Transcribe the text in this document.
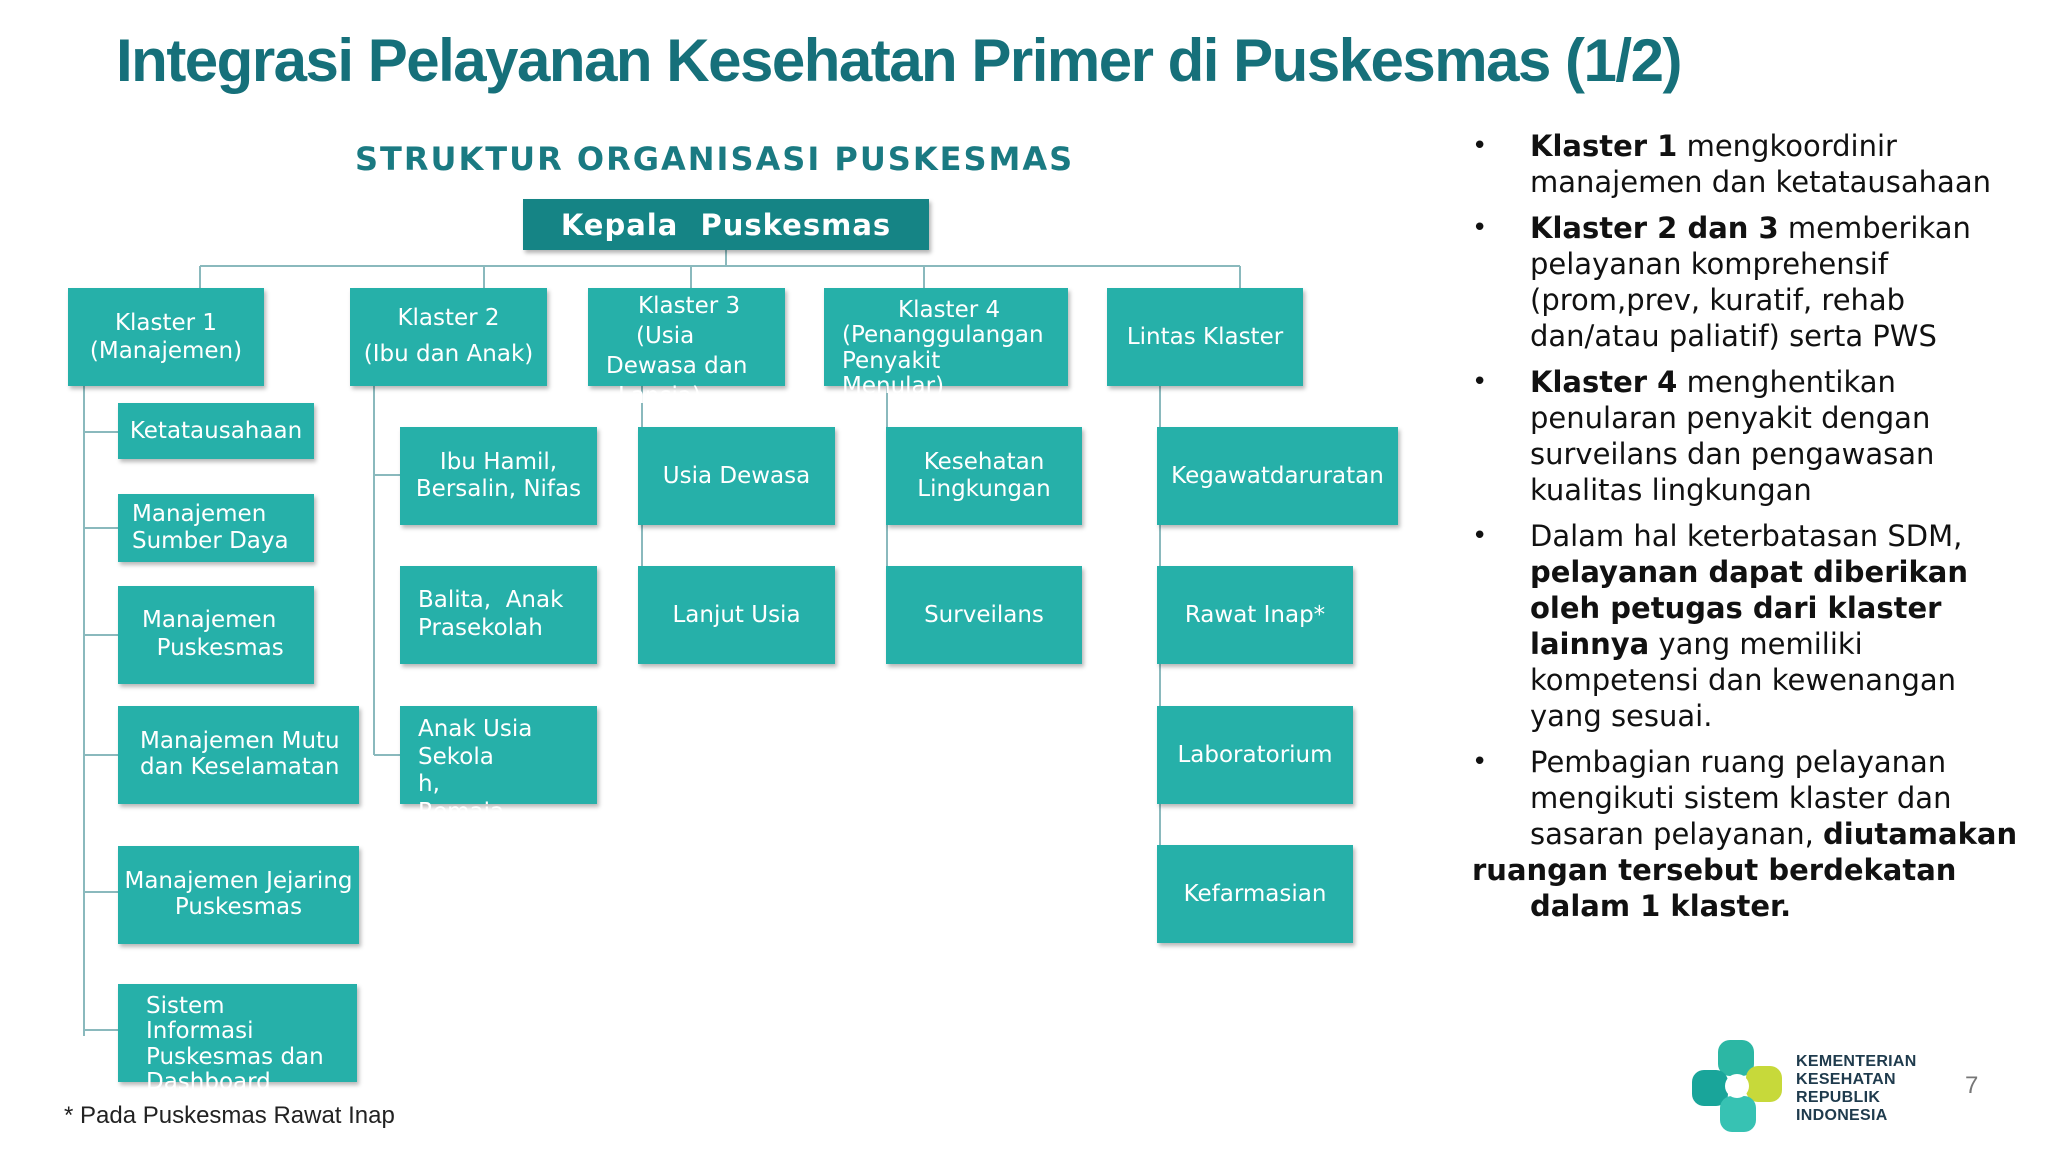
Integrasi Pelayanan Kesehatan Primer di Puskesmas (1/2)
STRUKTUR ORGANISASI PUSKESMAS
Kepala  Puskesmas
Klaster 1
(Manajemen)
Klaster 2
(Ibu dan Anak)
Klaster 3
(Usia
Dewasa dan
Lansia)
Klaster 4
(Penanggulangan
Penyakit
Menular)
Lintas Klaster
Ketatausahaan
Manajemen
Sumber Daya
Manajemen
Puskesmas
Manajemen Mutu
dan Keselamatan
Manajemen Jejaring
Puskesmas
Sistem
Informasi
Puskesmas dan
Dashboard
Ibu Hamil,
Bersalin, Nifas
Balita,  Anak
Prasekolah
Anak Usia
Sekola
h,
Remaja
Usia Dewasa
Lanjut Usia
Kesehatan
Lingkungan
Surveilans
Kegawatdaruratan
Rawat Inap*
Laboratorium
Kefarmasian
• Klaster 1 mengkoordinir manajemen dan ketatausahaan
• Klaster 2 dan 3 memberikan pelayanan komprehensif (prom,prev, kuratif, rehab dan/atau paliatif) serta PWS
• Klaster 4 menghentikan penularan penyakit dengan surveilans dan pengawasan kualitas lingkungan
• Dalam hal keterbatasan SDM, pelayanan dapat diberikan oleh petugas dari klaster lainnya yang memiliki kompetensi dan kewenangan yang sesuai.
• Pembagian ruang pelayanan mengikuti sistem klaster dan sasaran pelayanan, diutamakan
ruangan tersebut berdekatan
dalam 1 klaster.
* Pada Puskesmas Rawat Inap
KEMENTERIAN
KESEHATAN
REPUBLIK
INDONESIA
7
